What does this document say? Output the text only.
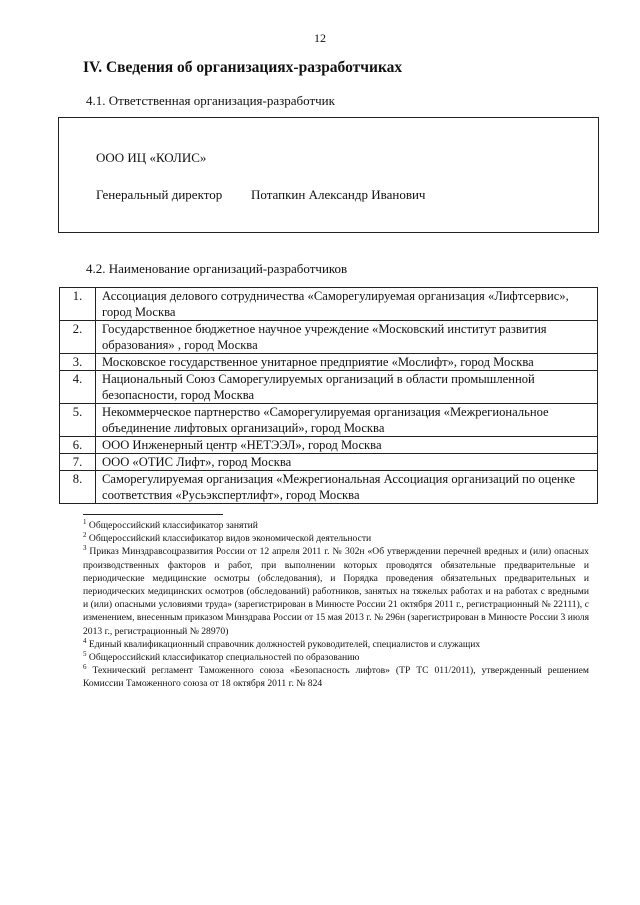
12
IV. Сведения об организациях-разработчиках
4.1. Ответственная организация-разработчик
ООО ИЦ «КОЛИС»
Генеральный директор Потапкин Александр Иванович
4.2. Наименование организаций-разработчиков
1.	Ассоциация делового сотрудничества «Саморегулируемая организация «Лифтсервис», город Москва
2.	Государственное бюджетное научное учреждение «Московский институт развития образования» , город Москва
3.	Московское государственное унитарное предприятие «Мослифт», город Москва
4.	Национальный Союз Саморегулируемых организаций в области промышленной безопасности, город Москва
5.	Некоммерческое партнерство «Саморегулируемая организация «Межрегиональное объединение лифтовых организаций», город Москва
6.	ООО Инженерный центр «НЕТЭЭЛ», город Москва
7.	ООО «ОТИС Лифт», город Москва
8.	Саморегулируемая организация «Межрегиональная Ассоциация организаций по оценке соответствия «Русьэкспертлифт», город Москва

$^1$ Общероссийский классификатор занятий

$^2$ Общероссийский классификатор видов экономической деятельности

$^3$ Приказ Минздравсоцразвития России от 12 апреля 2011 г. № 302н «Об утверждении перечней вредных и (или) опасных производственных факторов и работ, при выполнении которых проводятся обязательные предварительные и периодические медицинские осмотры (обследования), и Порядка проведения обязательных предварительных и периодических медицинских осмотров (обследований) работников, занятых на тяжелых работах и на работах с вредными и (или) опасными условиями труда» (зарегистрирован в Минюсте России 21 октября 2011 г., регистрационный № 22111), с изменением, внесенным приказом Минздрава России от 15 мая 2013 г. № 296н (зарегистрирован в Минюсте России 3 июля 2013 г., регистрационный № 28970)

$^4$ Единый квалификационный справочник должностей руководителей, специалистов и служащих

$^5$ Общероссийский классификатор специальностей по образованию

$^6$ Технический регламент Таможенного союза «Безопасность лифтов» (ТР ТС 011/2011), утвержденный решением Комиссии Таможенного союза от 18 октября 2011 г. № 824
